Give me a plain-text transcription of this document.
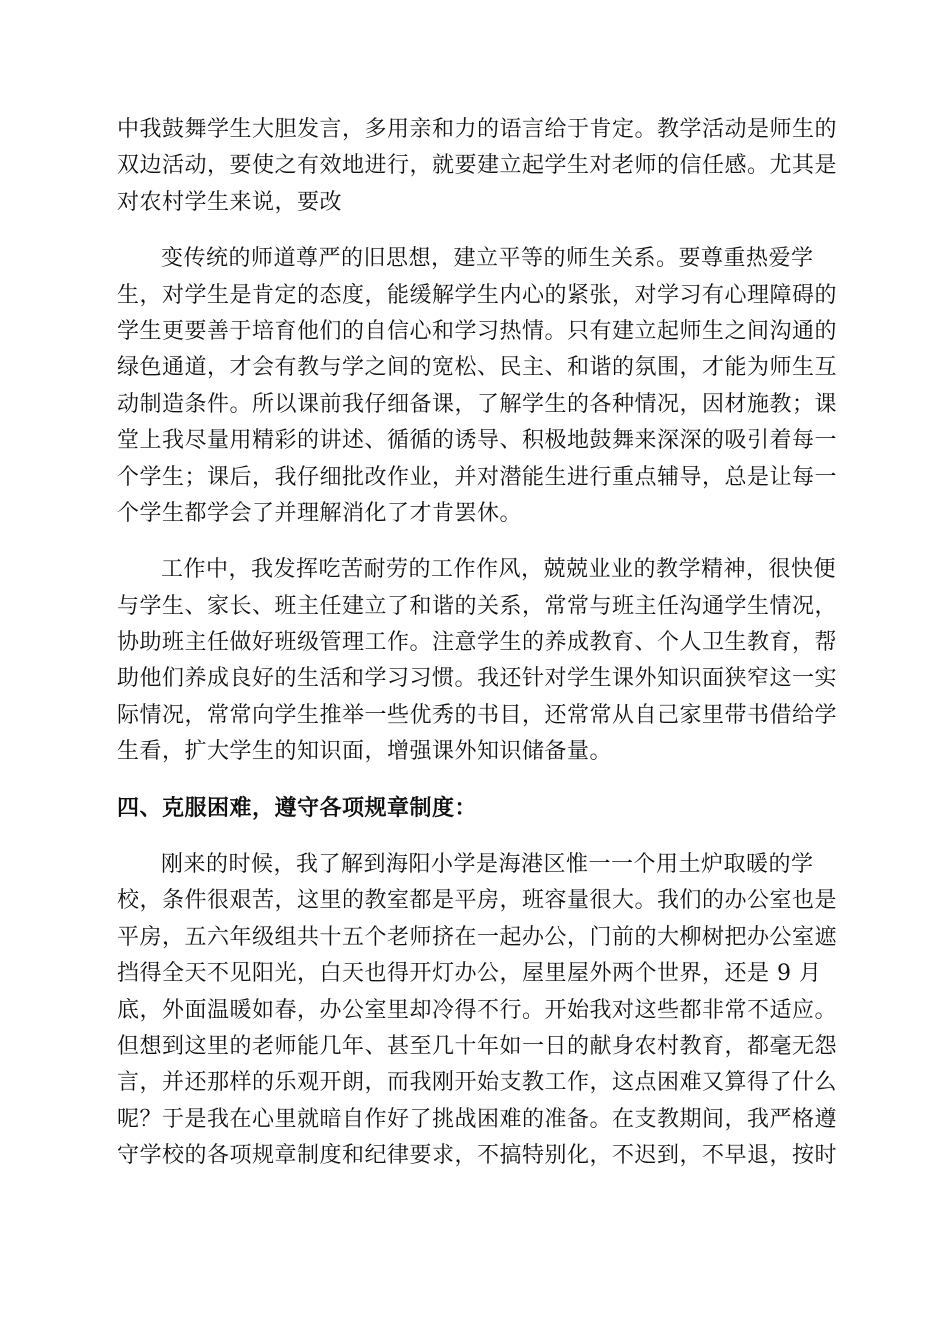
中我鼓舞学生大胆发言，多用亲和力的语言给于肯定。教学活动是师生的
双边活动，要使之有效地进行，就要建立起学生对老师的信任感。尤其是
对农村学生来说，要改
变传统的师道尊严的旧思想，建立平等的师生关系。要尊重热爱学
生，对学生是肯定的态度，能缓解学生内心的紧张，对学习有心理障碍的
学生更要善于培育他们的自信心和学习热情。只有建立起师生之间沟通的
绿色通道，才会有教与学之间的宽松、民主、和谐的氛围，才能为师生互
动制造条件。所以课前我仔细备课，了解学生的各种情况，因材施教；课
堂上我尽量用精彩的讲述、循循的诱导、积极地鼓舞来深深的吸引着每一
个学生；课后，我仔细批改作业，并对潜能生进行重点辅导，总是让每一
个学生都学会了并理解消化了才肯罢休。
工作中，我发挥吃苦耐劳的工作作风，兢兢业业的教学精神，很快便
与学生、家长、班主任建立了和谐的关系，常常与班主任沟通学生情况，
协助班主任做好班级管理工作。注意学生的养成教育、个人卫生教育，帮
助他们养成良好的生活和学习习惯。我还针对学生课外知识面狭窄这一实
际情况，常常向学生推举一些优秀的书目，还常常从自己家里带书借给学
生看，扩大学生的知识面，增强课外知识储备量。
四、克服困难，遵守各项规章制度：
刚来的时候，我了解到海阳小学是海港区惟一一个用土炉取暖的学
校，条件很艰苦，这里的教室都是平房，班容量很大。我们的办公室也是
平房，五六年级组共十五个老师挤在一起办公，门前的大柳树把办公室遮
挡得全天不见阳光，白天也得开灯办公，屋里屋外两个世界，还是 9 月
底，外面温暖如春，办公室里却冷得不行。开始我对这些都非常不适应。
但想到这里的老师能几年、甚至几十年如一日的献身农村教育，都毫无怨
言，并还那样的乐观开朗，而我刚开始支教工作，这点困难又算得了什么
呢？于是我在心里就暗自作好了挑战困难的准备。在支教期间，我严格遵
守学校的各项规章制度和纪律要求，不搞特别化，不迟到，不早退，按时
